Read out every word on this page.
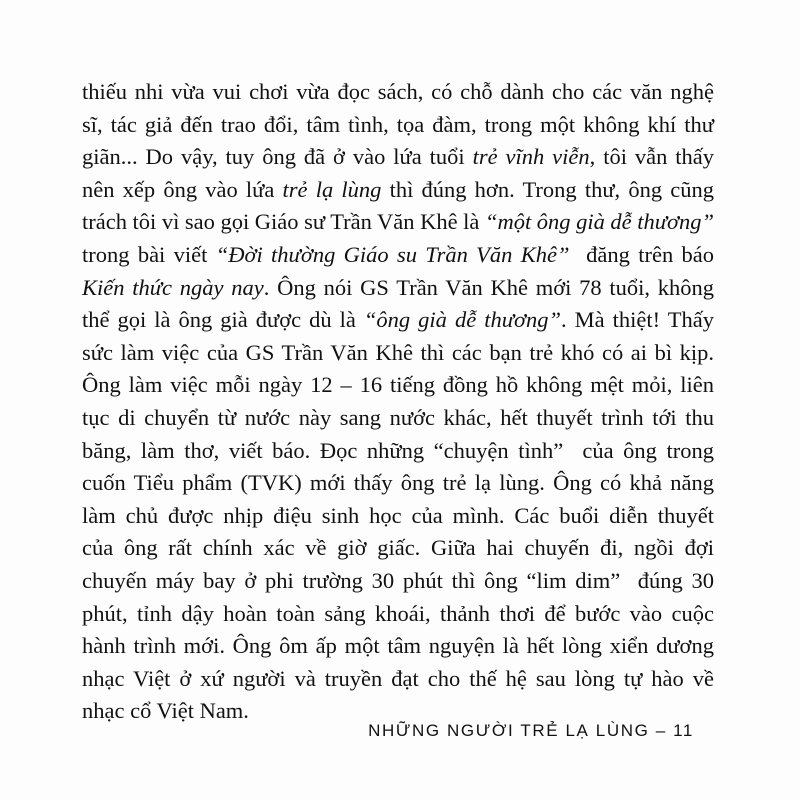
thiếu nhi vừa vui chơi vừa đọc sách, có chỗ dành cho các văn nghệ
sĩ, tác giả đến trao đổi, tâm tình, tọa đàm, trong một không khí thư
giãn... Do vậy, tuy ông đã ở vào lứa tuổi trẻ vĩnh viễn, tôi vẫn thấy
nên xếp ông vào lứa trẻ lạ lùng thì đúng hơn. Trong thư, ông cũng
trách tôi vì sao gọi Giáo sư Trần Văn Khê là “một ông già dễ thương”
trong bài viết “Đời thường Giáo su Trần Văn Khê”  đăng trên báo
Kiến thức ngày nay. Ông nói GS Trần Văn Khê mới 78 tuổi, không
thể gọi là ông già được dù là “ông già dễ thương”. Mà thiệt! Thấy
sức làm việc của GS Trần Văn Khê thì các bạn trẻ khó có ai bì kịp.
Ông làm việc mỗi ngày 12 – 16 tiếng đồng hồ không mệt mỏi, liên
tục di chuyển từ nước này sang nước khác, hết thuyết trình tới thu
băng, làm thơ, viết báo. Đọc những “chuyện tình”  của ông trong
cuốn Tiểu phẩm (TVK) mới thấy ông trẻ lạ lùng. Ông có khả năng
làm chủ được nhịp điệu sinh học của mình. Các buổi diễn thuyết
của ông rất chính xác về giờ giấc. Giữa hai chuyến đi, ngồi đợi
chuyến máy bay ở phi trường 30 phút thì ông “lim dim”  đúng 30
phút, tỉnh dậy hoàn toàn sảng khoái, thảnh thơi để bước vào cuộc
hành trình mới. Ông ôm ấp một tâm nguyện là hết lòng xiển dương
nhạc Việt ở xứ người và truyền đạt cho thế hệ sau lòng tự hào về
nhạc cổ Việt Nam.
NHỮNG NGƯỜI TRẺ LẠ LÙNG – 11
